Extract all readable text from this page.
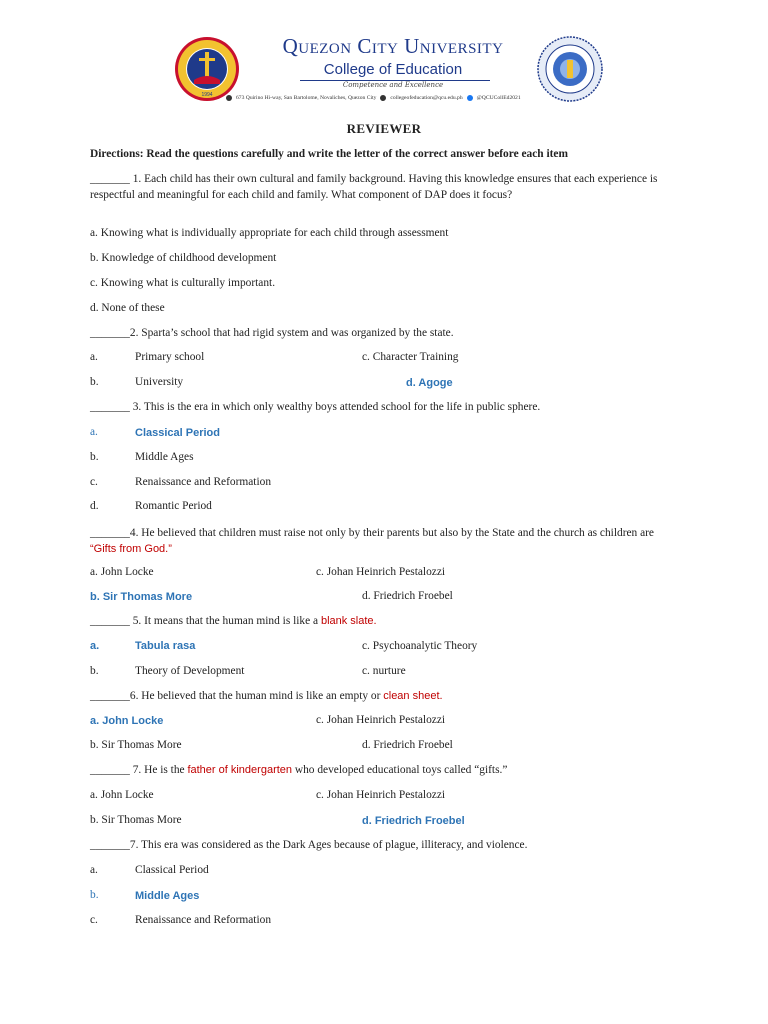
1994
Quezon City University
College of Education
Competence and Excellence
673 Quirino Hi-way, San Bartolome, Novaliches, Quezon City	collegeofeducation@qcu.edu.ph	@QCUCollEd2021
REVIEWER
Directions: Read the questions carefully and write the letter of the correct answer before each item
_______ 1. Each child has their own cultural and family background. Having this knowledge ensures that each experience is respectful and meaningful for each child and family. What component of DAP does it focus?
a. Knowing what is individually appropriate for each child through assessment
b. Knowledge of childhood development
c. Knowing what is culturally important.
d. None of these
_______2. Sparta’s school that had rigid system and was organized by the state.
a.	Primary school	c. Character Training
b.	University	d. Agoge
_______ 3. This is the era in which only wealthy boys attended school for the life in public sphere.
a.	Classical Period
b.	Middle Ages
c.	Renaissance and Reformation
d.	Romantic Period
_______4. He believed that children must raise not only by their parents but also by the State and the church as children are “Gifts from God.”
a. John Locke	c. Johan Heinrich Pestalozzi
b. Sir Thomas More	d. Friedrich Froebel
_______ 5. It means that the human mind is like a blank slate.
a.	Tabula rasa	c. Psychoanalytic Theory
b.	Theory of Development	c. nurture
_______6. He believed that the human mind is like an empty or clean sheet.
a. John Locke	c. Johan Heinrich Pestalozzi
b. Sir Thomas More	d. Friedrich Froebel
_______ 7. He is the father of kindergarten who developed educational toys called “gifts.”
a. John Locke	c. Johan Heinrich Pestalozzi
b. Sir Thomas More	d. Friedrich Froebel
_______7. This era was considered as the Dark Ages because of plague, illiteracy, and violence.
a.	Classical Period
b.	Middle Ages
c.	Renaissance and Reformation
